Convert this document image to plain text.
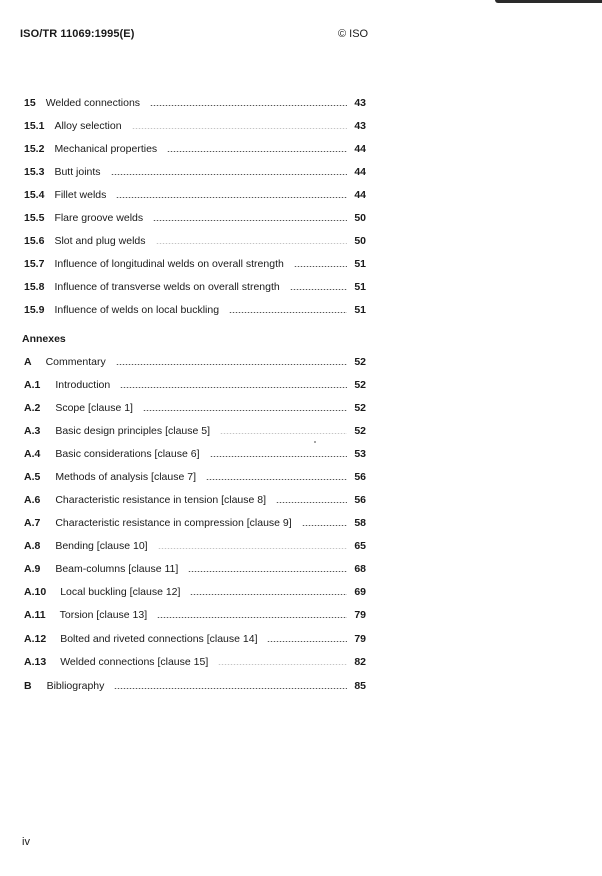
ISO/TR 11069:1995(E)	© ISO
15 Welded connections	43
15.1 Alloy selection	43
15.2 Mechanical properties	44
15.3 Butt joints	44
15.4 Fillet welds	44
15.5 Flare groove welds	50
15.6 Slot and plug welds	50
15.7 Influence of longitudinal welds on overall strength	51
15.8 Influence of transverse welds on overall strength	51
15.9 Influence of welds on local buckling	51
Annexes
A	Commentary	52
A.1	Introduction	52
A.2	Scope [clause 1]	52
A.3	Basic design principles [clause 5]	52
A.4	Basic considerations [clause 6]	53
A.5	Methods of analysis [clause 7]	56
A.6	Characteristic resistance in tension [clause 8]	56
A.7	Characteristic resistance in compression [clause 9]	58
A.8	Bending [clause 10]	65
A.9	Beam-columns [clause 11]	68
A.10	Local buckling [clause 12]	69
A.11	Torsion [clause 13]	79
A.12	Bolted and riveted connections [clause 14]	79
A.13	Welded connections [clause 15]	82
B	Bibliography	85
iv
